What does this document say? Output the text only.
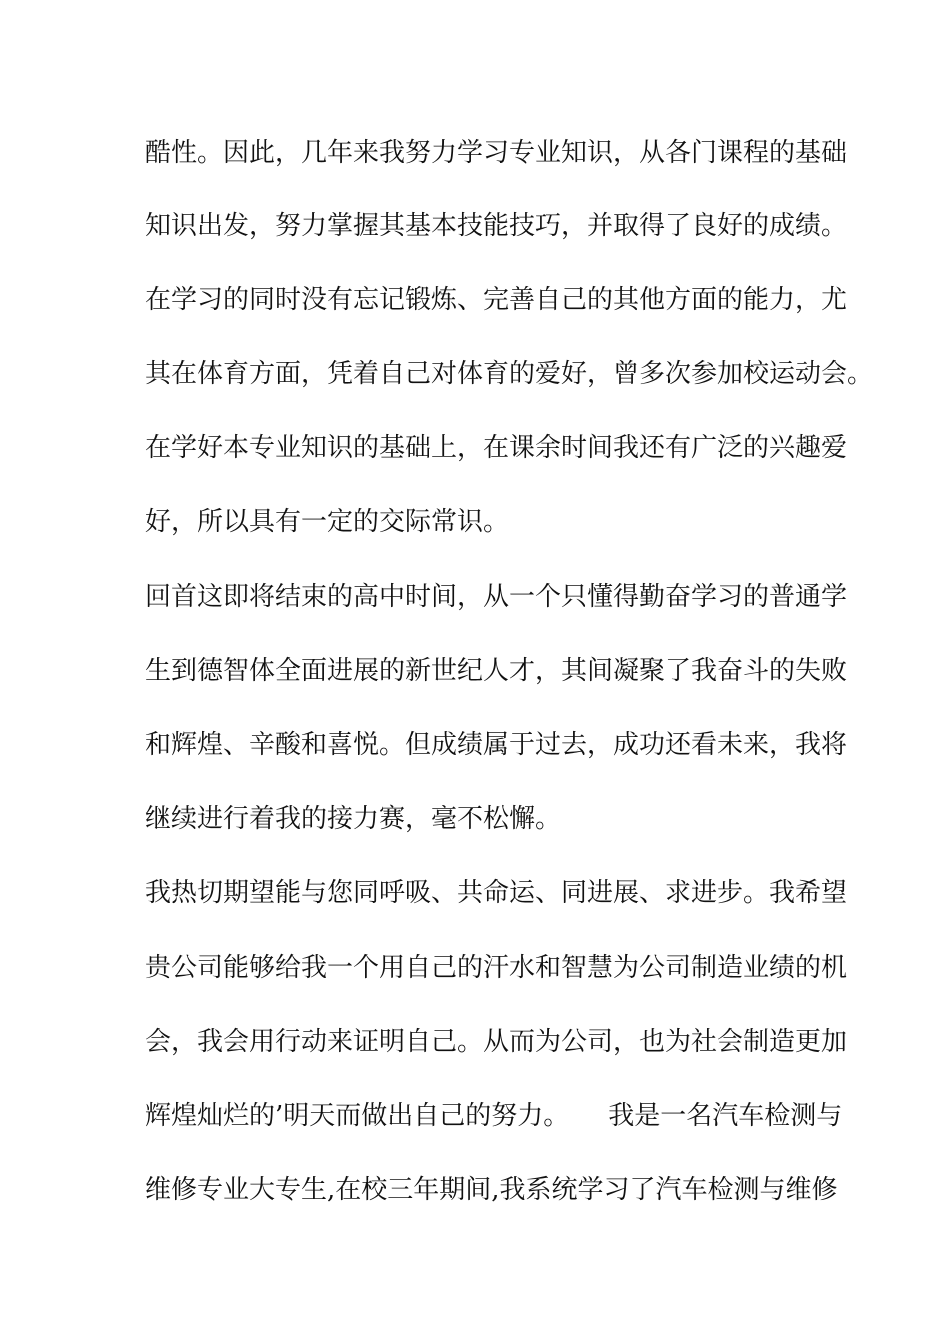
酷性。因此，几年来我努力学习专业知识，从各门课程的基础
知识出发，努力掌握其基本技能技巧，并取得了良好的成绩。
在学习的同时没有忘记锻炼、完善自己的其他方面的能力，尤
其在体育方面，凭着自己对体育的爱好，曾多次参加校运动会。
在学好本专业知识的基础上，在课余时间我还有广泛的兴趣爱
好，所以具有一定的交际常识。
回首这即将结束的高中时间，从一个只懂得勤奋学习的普通学
生到德智体全面进展的新世纪人才，其间凝聚了我奋斗的失败
和辉煌、辛酸和喜悦。但成绩属于过去，成功还看未来，我将
继续进行着我的接力赛，毫不松懈。
我热切期望能与您同呼吸、共命运、同进展、求进步。我希望
贵公司能够给我一个用自己的汗水和智慧为公司制造业绩的机
会，我会用行动来证明自己。从而为公司，也为社会制造更加
辉煌灿烂的’明天而做出自己的努力。　　我是一名汽车检测与
维修专业大专生,在校三年期间,我系统学习了汽车检测与维修
